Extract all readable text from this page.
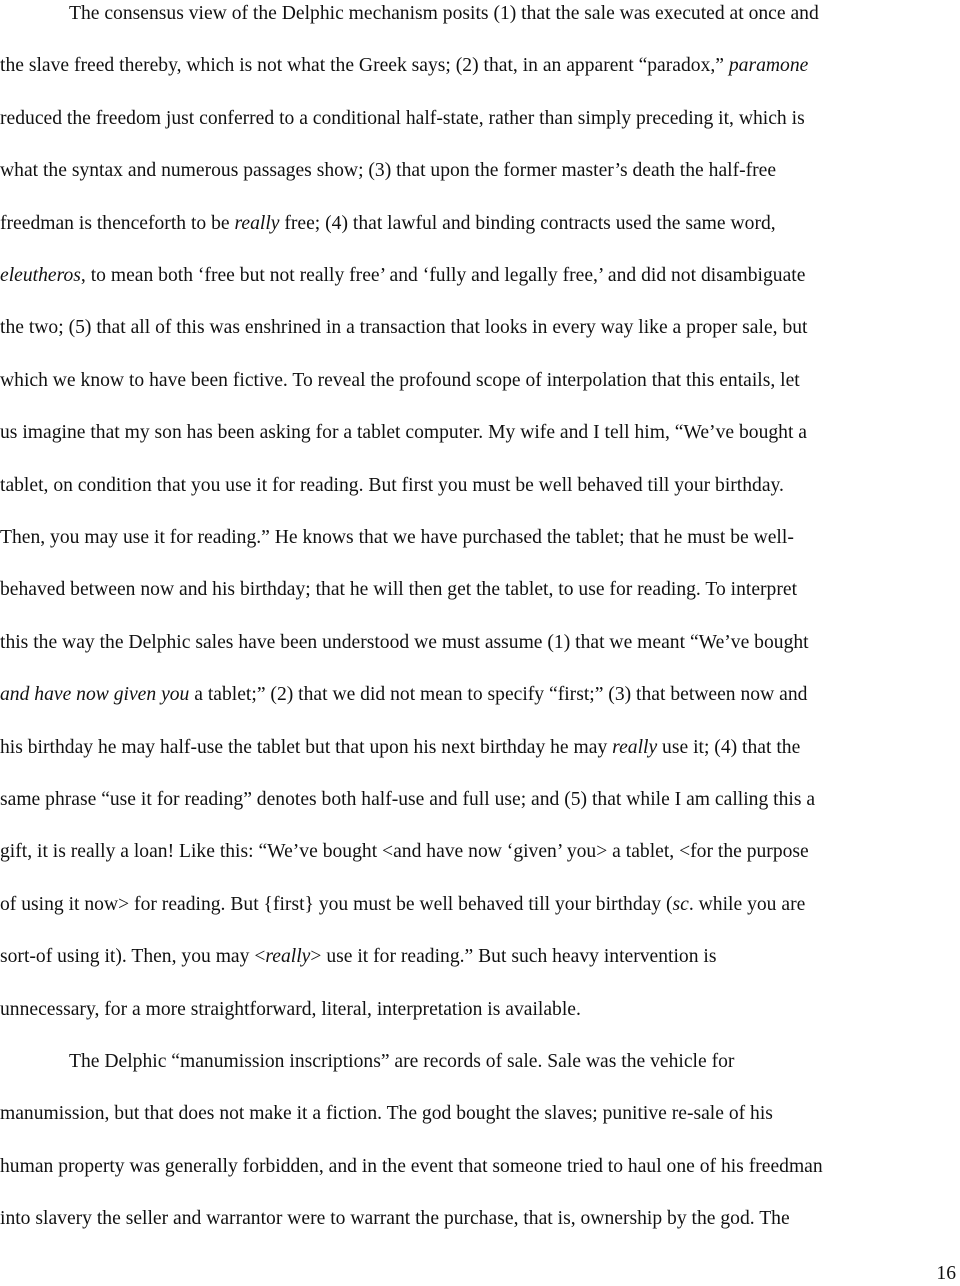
The consensus view of the Delphic mechanism posits (1) that the sale was executed at once and
the slave freed thereby, which is not what the Greek says; (2) that, in an apparent “paradox,” paramone
reduced the freedom just conferred to a conditional half-state, rather than simply preceding it, which is
what the syntax and numerous passages show; (3) that upon the former master’s death the half-free
freedman is thenceforth to be really free; (4) that lawful and binding contracts used the same word,
eleutheros, to mean both ‘free but not really free’ and ‘fully and legally free,’ and did not disambiguate
the two; (5) that all of this was enshrined in a transaction that looks in every way like a proper sale, but
which we know to have been fictive. To reveal the profound scope of interpolation that this entails, let
us imagine that my son has been asking for a tablet computer. My wife and I tell him, “We’ve bought a
tablet, on condition that you use it for reading. But first you must be well behaved till your birthday.
Then, you may use it for reading.” He knows that we have purchased the tablet; that he must be well-
behaved between now and his birthday; that he will then get the tablet, to use for reading. To interpret
this the way the Delphic sales have been understood we must assume (1) that we meant “We’ve bought
and have now given you a tablet;” (2) that we did not mean to specify “first;” (3) that between now and
his birthday he may half-use the tablet but that upon his next birthday he may really use it; (4) that the
same phrase “use it for reading” denotes both half-use and full use; and (5) that while I am calling this a
gift, it is really a loan! Like this: “We’ve bought <and have now ‘given’ you> a tablet, <for the purpose
of using it now> for reading. But {first} you must be well behaved till your birthday (sc. while you are
sort-of using it). Then, you may <really> use it for reading.” But such heavy intervention is
unnecessary, for a more straightforward, literal, interpretation is available.
The Delphic “manumission inscriptions” are records of sale. Sale was the vehicle for
manumission, but that does not make it a fiction. The god bought the slaves; punitive re-sale of his
human property was generally forbidden, and in the event that someone tried to haul one of his freedman
into slavery the seller and warrantor were to warrant the purchase, that is, ownership by the god. The
16
